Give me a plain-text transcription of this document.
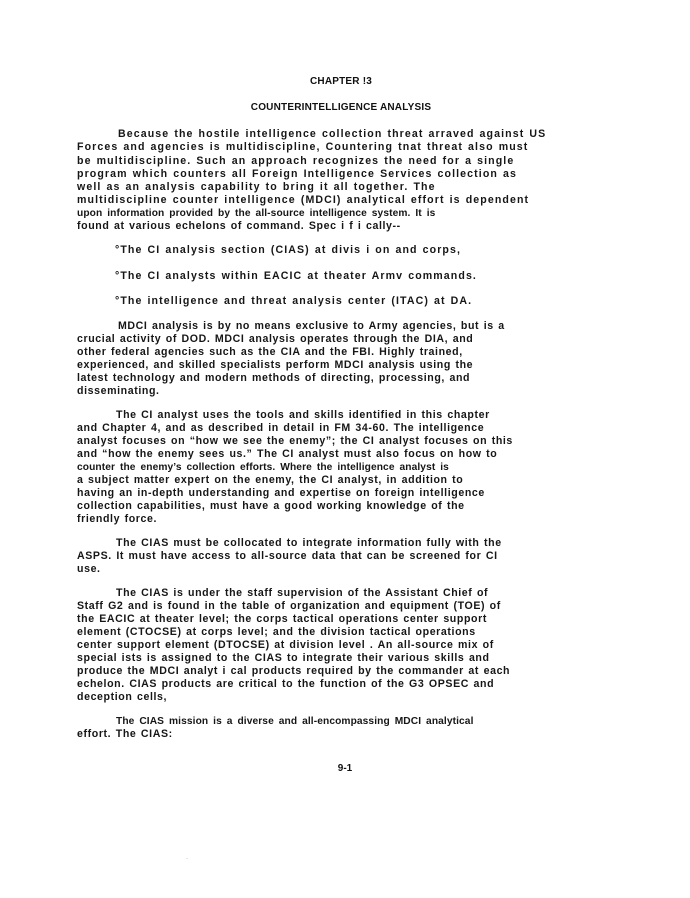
CHAPTER !3
COUNTERINTELLIGENCE ANALYSIS
Because the hostile intelligence collection threat arraved against US
Forces and agencies is multidiscipline, Countering tnat threat also must
be multidiscipline. Such an approach recognizes the need for a single
program which counters all Foreign Intelligence Services collection as
well as an analysis capability to bring it all together. The
multidiscipline counter intelligence (MDCI) analytical effort is dependent
upon information provided by the all-source intelligence system. It is
found at various echelons of command. Spec i f i cally--
°The CI analysis section (CIAS) at divis i on and corps,
°The CI analysts within EACIC at theater Armv commands.
°The intelligence and threat analysis center (ITAC) at DA.
MDCI analysis is by no means exclusive to Army agencies, but is a
crucial activity of DOD. MDCI analysis operates through the DIA, and
other federal agencies such as the CIA and the FBI. Highly trained,
experienced, and skilled specialists perform MDCI analysis using the
latest technology and modern methods of directing, processing, and
disseminating.
The CI analyst uses the tools and skills identified in this chapter
and Chapter 4, and as described in detail in FM 34-60. The intelligence
analyst focuses on “how we see the enemy”; the CI analyst focuses on this
and “how the enemy sees us.” The CI analyst must also focus on how to
counter the enemy’s collection efforts. Where the intelligence analyst is
a subject matter expert on the enemy, the CI analyst, in addition to
having an in-depth understanding and expertise on foreign intelligence
collection capabilities, must have a good working knowledge of the
friendly force.
The CIAS must be collocated to integrate information fully with the
ASPS. It must have access to all-source data that can be screened for CI
use.
The CIAS is under the staff supervision of the Assistant Chief of
Staff G2 and is found in the table of organization and equipment (TOE) of
the EACIC at theater level; the corps tactical operations center support
element (CTOCSE) at corps level; and the division tactical operations
center support element (DTOCSE) at division level . An all-source mix of
special ists is assigned to the CIAS to integrate their various skills and
produce the MDCI analyt i cal products required by the commander at each
echelon. CIAS products are critical to the function of the G3 OPSEC and
deception cells,
The CIAS mission is a diverse and all-encompassing MDCI analytical
effort. The CIAS:
9-1
·
